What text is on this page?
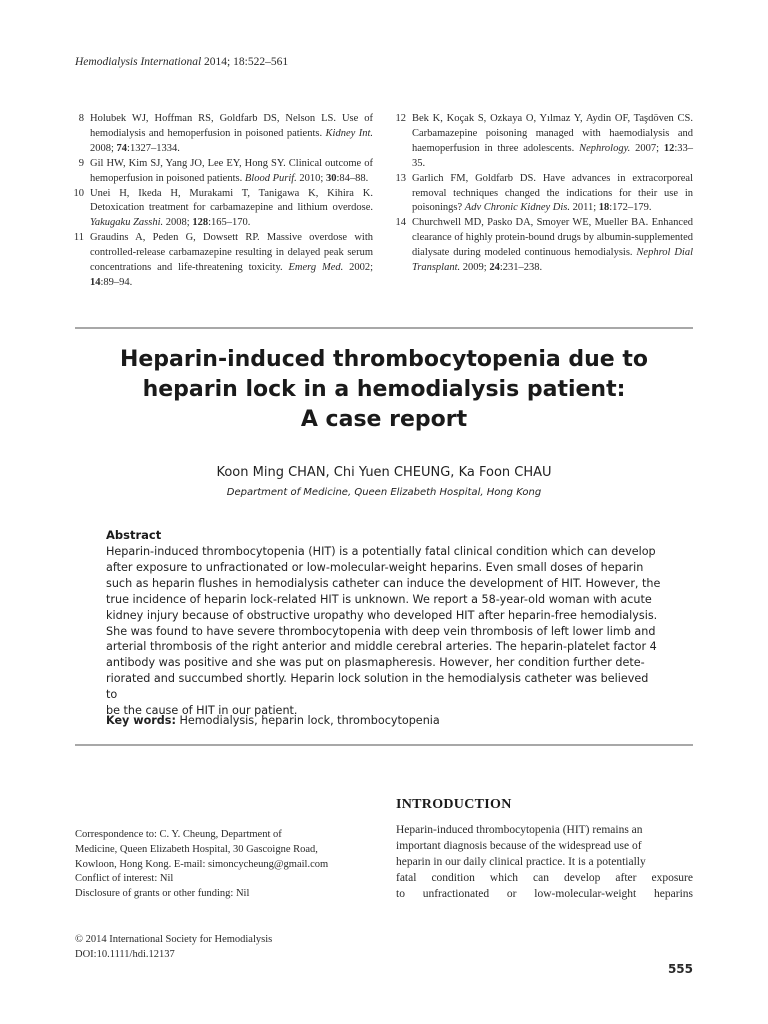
Hemodialysis International 2014; 18:522–561
8 Holubek WJ, Hoffman RS, Goldfarb DS, Nelson LS. Use of hemodialysis and hemoperfusion in poisoned patients. Kidney Int. 2008; 74:1327–1334.
9 Gil HW, Kim SJ, Yang JO, Lee EY, Hong SY. Clinical outcome of hemoperfusion in poisoned patients. Blood Purif. 2010; 30:84–88.
10 Unei H, Ikeda H, Murakami T, Tanigawa K, Kihira K. Detoxication treatment for carbamazepine and lithium overdose. Yakugaku Zasshi. 2008; 128:165–170.
11 Graudins A, Peden G, Dowsett RP. Massive overdose with controlled-release carbamazepine resulting in delayed peak serum concentrations and life-threatening toxicity. Emerg Med. 2002; 14:89–94.
12 Bek K, Koçak S, Ozkaya O, Yılmaz Y, Aydin OF, Taşdöven CS. Carbamazepine poisoning managed with haemodialysis and haemoperfusion in three adolescents. Nephrology. 2007; 12:33–35.
13 Garlich FM, Goldfarb DS. Have advances in extracorporeal removal techniques changed the indications for their use in poisonings? Adv Chronic Kidney Dis. 2011; 18:172–179.
14 Churchwell MD, Pasko DA, Smoyer WE, Mueller BA. Enhanced clearance of highly protein-bound drugs by albumin-supplemented dialysate during modeled continuous hemodialysis. Nephrol Dial Transplant. 2009; 24:231–238.
Heparin-induced thrombocytopenia due to
heparin lock in a hemodialysis patient:
A case report
Koon Ming CHAN, Chi Yuen CHEUNG, Ka Foon CHAU
Department of Medicine, Queen Elizabeth Hospital, Hong Kong
Abstract
Heparin-induced thrombocytopenia (HIT) is a potentially fatal clinical condition which can develop
after exposure to unfractionated or low-molecular-weight heparins. Even small doses of heparin
such as heparin flushes in hemodialysis catheter can induce the development of HIT. However, the
true incidence of heparin lock-related HIT is unknown. We report a 58-year-old woman with acute
kidney injury because of obstructive uropathy who developed HIT after heparin-free hemodialysis.
She was found to have severe thrombocytopenia with deep vein thrombosis of left lower limb and
arterial thrombosis of the right anterior and middle cerebral arteries. The heparin-platelet factor 4
antibody was positive and she was put on plasmapheresis. However, her condition further dete-
riorated and succumbed shortly. Heparin lock solution in the hemodialysis catheter was believed to
be the cause of HIT in our patient.
Key words: Hemodialysis, heparin lock, thrombocytopenia
INTRODUCTION
Heparin-induced thrombocytopenia (HIT) remains an
important diagnosis because of the widespread use of
heparin in our daily clinical practice. It is a potentially
fatal condition which can develop after exposure
to unfractionated or low-molecular-weight heparins
Correspondence to: C. Y. Cheung, Department of
Medicine, Queen Elizabeth Hospital, 30 Gascoigne Road,
Kowloon, Hong Kong. E-mail: simoncycheung@gmail.com
Conflict of interest: Nil
Disclosure of grants or other funding: Nil
© 2014 International Society for Hemodialysis
DOI:10.1111/hdi.12137
555
